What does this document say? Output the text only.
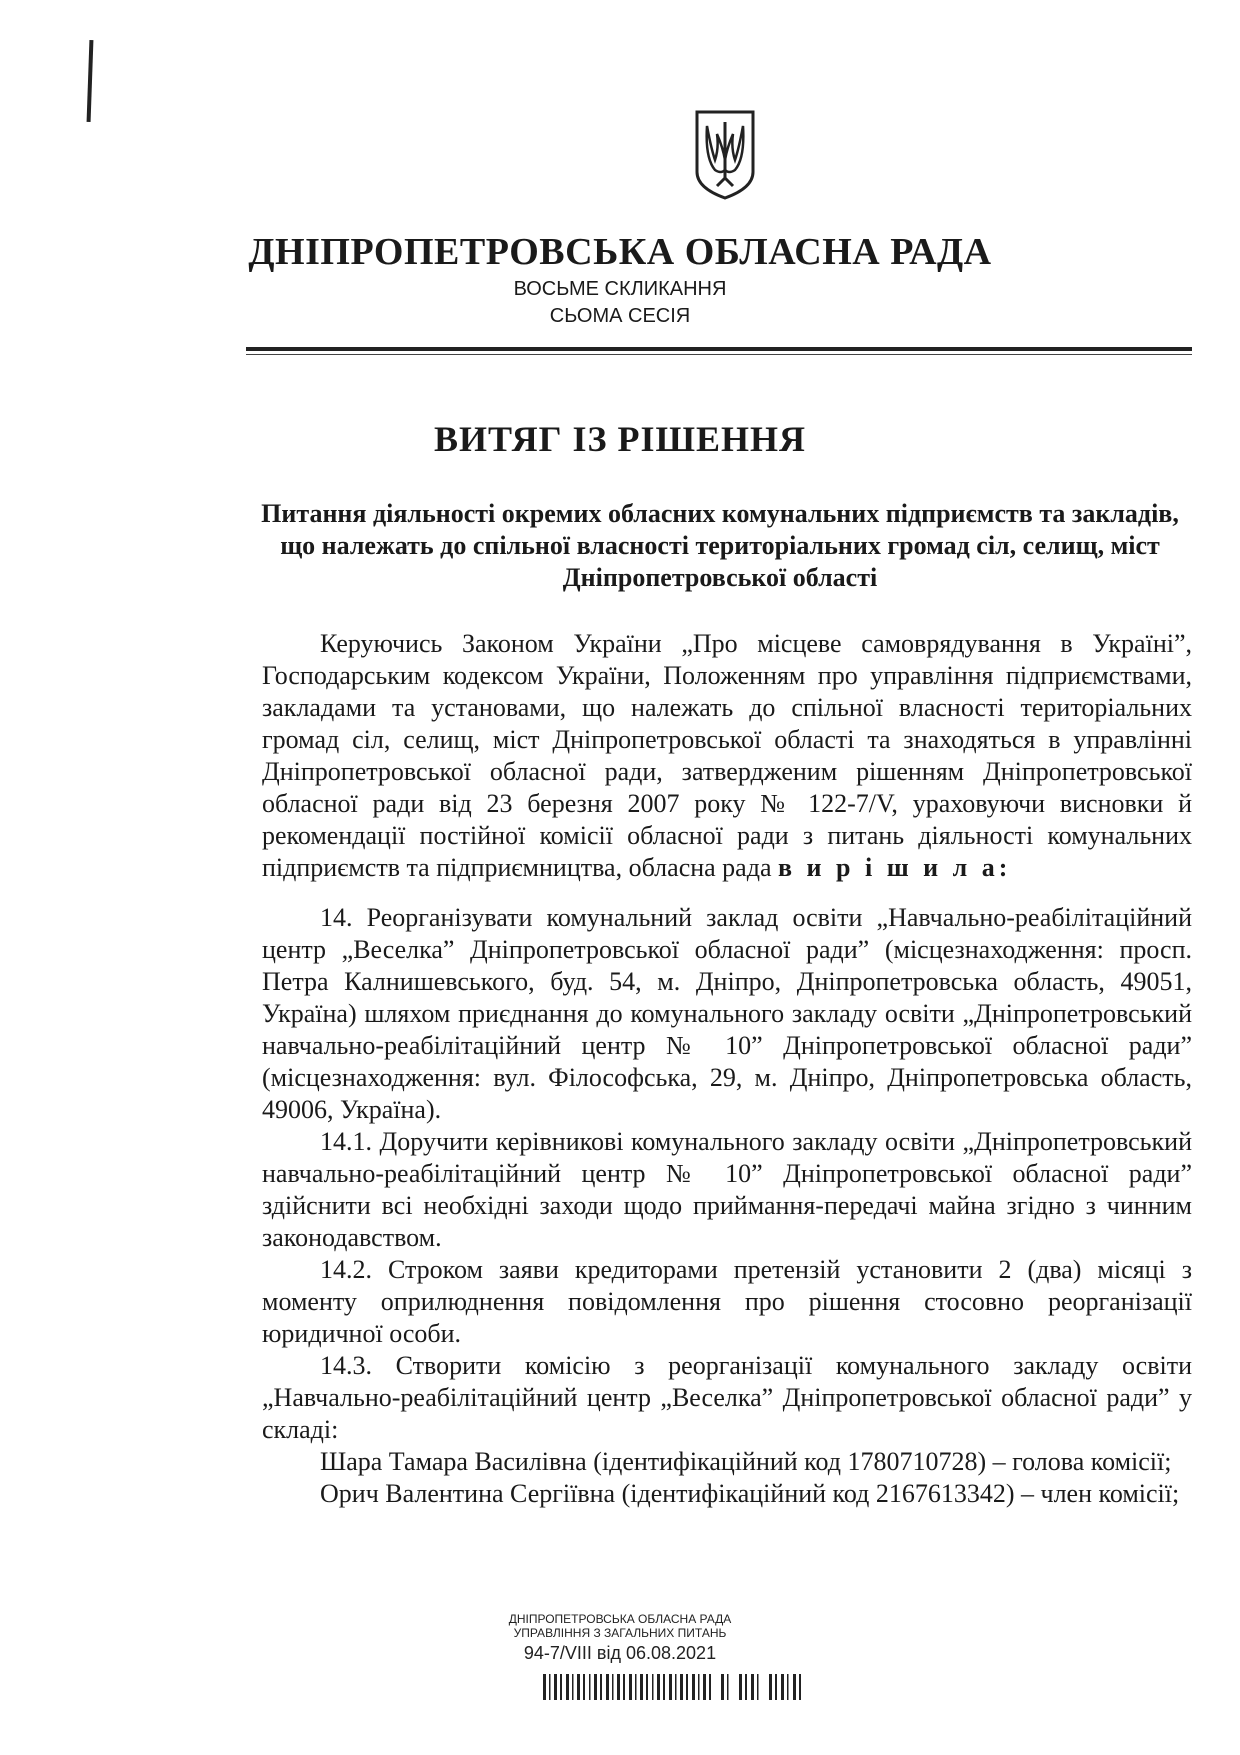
ДНІПРОПЕТРОВСЬКА ОБЛАСНА РАДА
ВОСЬМЕ СКЛИКАННЯ
СЬОМА СЕСІЯ
ВИТЯГ ІЗ РІШЕННЯ
Питання діяльності окремих обласних комунальних підприємств та закладів, що належать до спільної власності територіальних громад сіл, селищ, міст Дніпропетровської області

Керуючись Законом України „Про місцеве самоврядування в Україні”, Господарським кодексом України, Положенням про управління підприємствами, закладами та установами, що належать до спільної власності територіальних громад сіл, селищ, міст Дніпропетровської області та знаходяться в управлінні Дніпропетровської обласної ради, затвердженим рішенням Дніпропетровської обласної ради від 23 березня 2007 року № 122-7/V, ураховуючи висновки й рекомендації постійної комісії обласної ради з питань діяльності комунальних підприємств та підприємництва, обласна рада в и р і ш и л а:

14. Реорганізувати комунальний заклад освіти „Навчально-реабілітаційний центр „Веселка” Дніпропетровської обласної ради” (місцезнаходження: просп. Петра Калнишевського, буд. 54, м. Дніпро, Дніпропетровська область, 49051, Україна) шляхом приєднання до комунального закладу освіти „Дніпропетровський навчально-реабілітаційний центр № 10” Дніпропетровської обласної ради” (місцезнаходження: вул. Філософська, 29, м. Дніпро, Дніпропетровська область, 49006, Україна).

14.1. Доручити керівникові комунального закладу освіти „Дніпропетровський навчально-реабілітаційний центр № 10” Дніпропетровської обласної ради” здійснити всі необхідні заходи щодо приймання-передачі майна згідно з чинним законодавством.

14.2. Строком заяви кредиторами претензій установити 2 (два) місяці з моменту оприлюднення повідомлення про рішення стосовно реорганізації юридичної особи.

14.3. Створити комісію з реорганізації комунального закладу освіти „Навчально-реабілітаційний центр „Веселка” Дніпропетровської обласної ради” у складі:

Шара Тамара Василівна (ідентифікаційний код 1780710728) – голова комісії;

Орич Валентина Сергіївна (ідентифікаційний код 2167613342) – член комісії;

ДНІПРОПЕТРОВСЬКА ОБЛАСНА РАДА
УПРАВЛІННЯ З ЗАГАЛЬНИХ ПИТАНЬ
94-7/VIII від 06.08.2021
